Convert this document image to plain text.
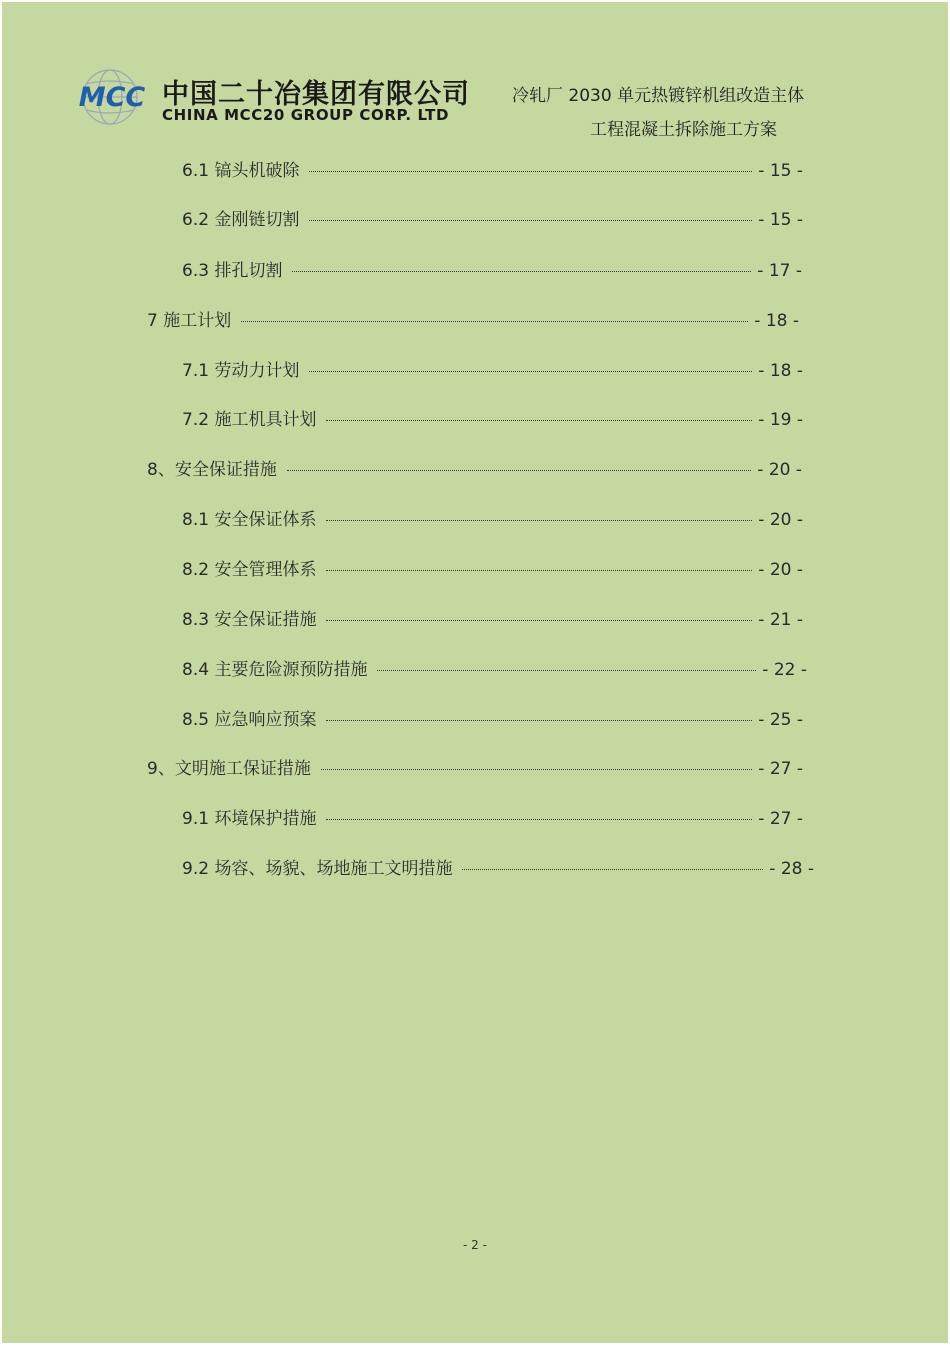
MCC 中国二十冶集团有限公司
CHINA MCC20 GROUP CORP. LTD
冷轧厂 2030 单元热镀锌机组改造主体
工程混凝土拆除施工方案
6.1 镐头机破除	- 15 -
6.2 金刚链切割	- 15 -
6.3 排孔切割	- 17 -
7 施工计划	- 18 -
7.1 劳动力计划	- 18 -
7.2 施工机具计划	- 19 -
8、安全保证措施	- 20 -
8.1 安全保证体系	- 20 -
8.2 安全管理体系	- 20 -
8.3 安全保证措施	- 21 -
8.4 主要危险源预防措施	- 22 -
8.5 应急响应预案	- 25 -
9、文明施工保证措施	- 27 -
9.1 环境保护措施	- 27 -
9.2 场容、场貌、场地施工文明措施	- 28 -
- 2 -
